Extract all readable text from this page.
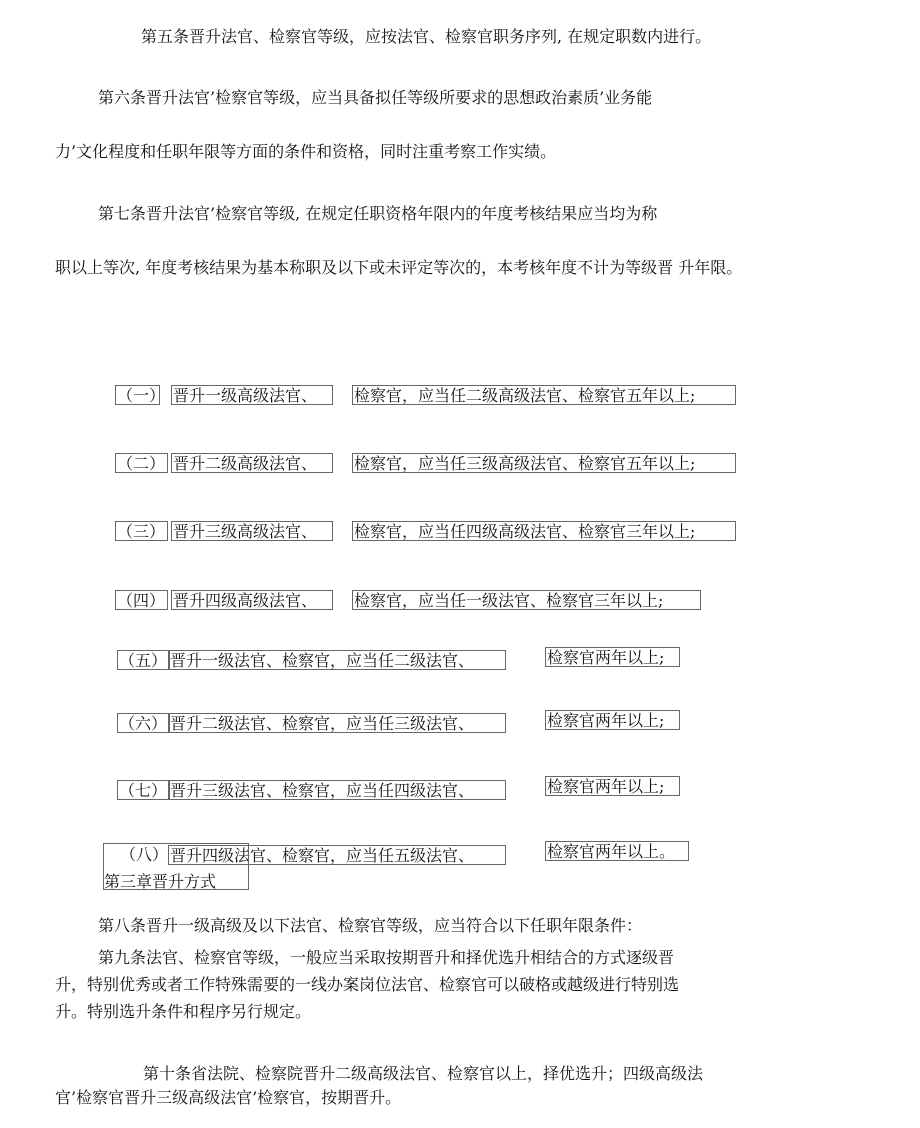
第五条晋升法官、检察官等级，应按法官、检察官职务序列, 在规定职数内进行。
第六条晋升法官’检察官等级，应当具备拟任等级所要求的思想政治素质’业务能
力’文化程度和任职年限等方面的条件和资格，同时注重考察工作实绩。
第七条晋升法官’检察官等级, 在规定任职资格年限内的年度考核结果应当均为称
职以上等次, 年度考核结果为基本称职及以下或未评定等次的，本考核年度不计为等级晋 升年限。
（一） 晋升一级高级法官、	检察官，应当任二级高级法官、检察官五年以上;
（二） 晋升二级高级法官、	检察官，应当任三级高级法官、检察官五年以上;
（三） 晋升三级高级法官、	检察官，应当任四级高级法官、检察官三年以上;
（四） 晋升四级高级法官、	检察官，应当任一级法官、检察官三年以上;
（五） 晋升一级法官、检察官，应当任二级法官、	检察官两年以上;
（六） 晋升二级法官、检察官，应当任三级法官、	检察官两年以上;
（七） 晋升三级法官、检察官，应当任四级法官、	检察官两年以上;
（八） 晋升四级法官、检察官，应当任五级法官、	检察官两年以上。
第三章晋升方式
第八条晋升一级高级及以下法官、检察官等级，应当符合以下任职年限条件：
第九条法官、检察官等级，一般应当采取按期晋升和择优选升相结合的方式逐级晋
升，特别优秀或者工作特殊需要的一线办案岗位法官、检察官可以破格或越级进行特别选
升。特别选升条件和程序另行规定。
第十条省法院、检察院晋升二级高级法官、检察官以上，择优选升；四级高级法
官’检察官晋升三级高级法官’检察官，按期晋升。
